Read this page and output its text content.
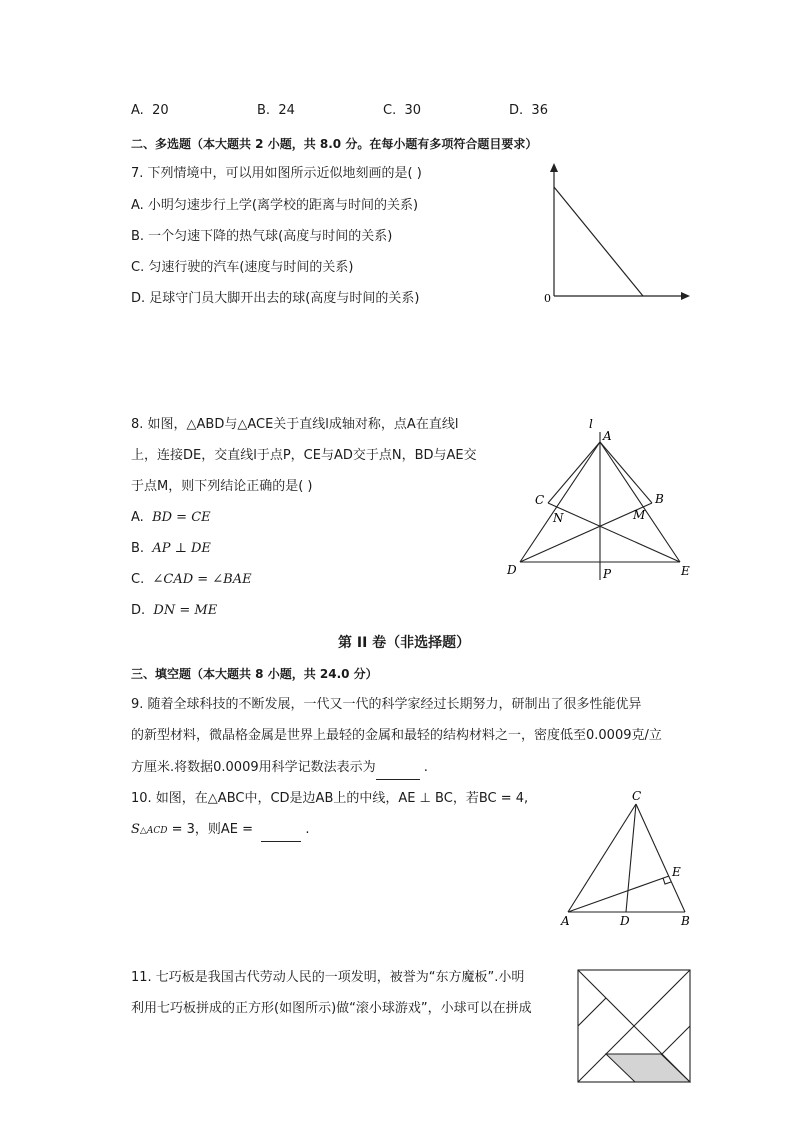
A. 20	B. 24	C. 30	D. 36
二、多选题（本大题共 2 小题，共 8.0 分。在每小题有多项符合题目要求）
7. 下列情境中，可以用如图所示近似地刻画的是( )
A. 小明匀速步行上学(离学校的距离与时间的关系)
B. 一个匀速下降的热气球(高度与时间的关系)
C. 匀速行驶的汽车(速度与时间的关系)
D. 足球守门员大脚开出去的球(高度与时间的关系)	0
8. 如图，△ABD与△ACE关于直线l成轴对称，点A在直线l
上，连接DE，交直线l于点P，CE与AD交于点N，BD与AE交
于点M，则下列结论正确的是( )
A. BD = CE
B. AP ⊥ DE
C. ∠CAD = ∠BAE
D. DN = ME
l
A
C	B
N	M
D	P	E
第 II 卷（非选择题）
三、填空题（本大题共 8 小题，共 24.0 分）
9. 随着全球科技的不断发展，一代又一代的科学家经过长期努力，研制出了很多性能优异
的新型材料，微晶格金属是世界上最轻的金属和最轻的结构材料之一，密度低至0.0009克/立
方厘米.将数据0.0009用科学记数法表示为	.
10. 如图，在△ABC中，CD是边AB上的中线，AE ⊥ BC，若BC = 4,
S△ACD = 3，则AE =	.
C
E
A	D	B
11. 七巧板是我国古代劳动人民的一项发明，被誉为“东方魔板”.小明
利用七巧板拼成的正方形(如图所示)做“滚小球游戏”，小球可以在拼成
